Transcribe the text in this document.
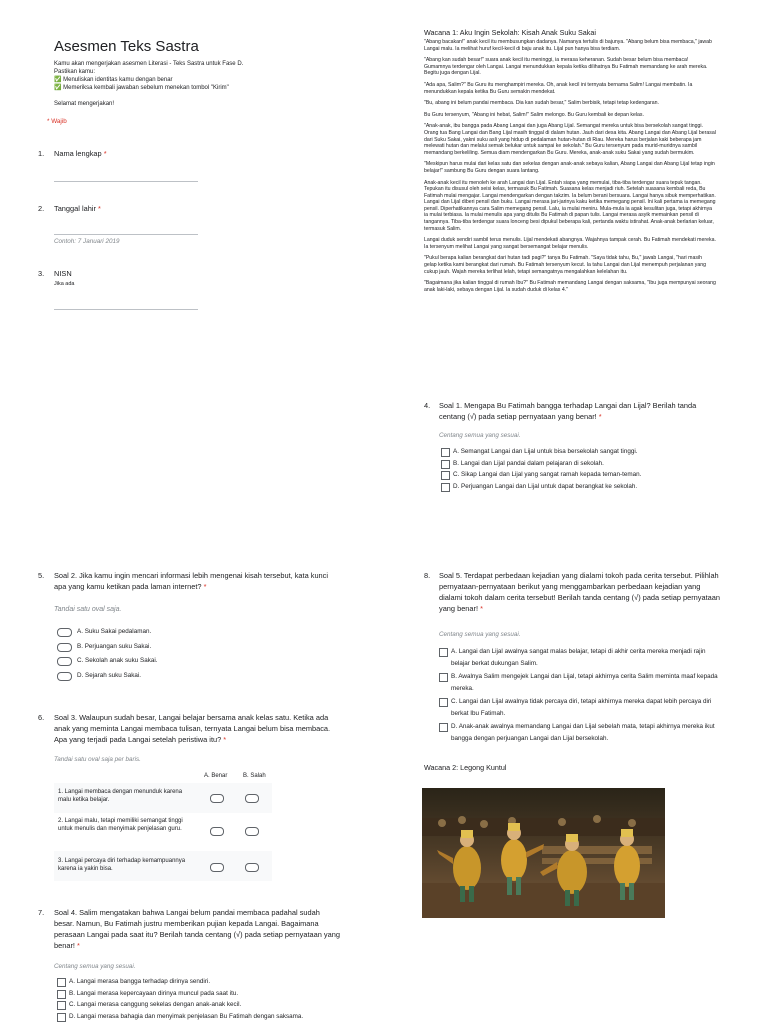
Asesmen Teks Sastra
Kamu akan mengerjakan asesmen Literasi - Teks Sastra untuk Fase D.
Pastikan kamu:
✅ Menuliskan identitas kamu dengan benar
✅ Memeriksa kembali jawaban sebelum menekan tombol "Kirim"
Selamat mengerjakan!
* Wajib
1. Nama lengkap *
2. Tanggal lahir *
Contoh: 7 Januari 2019
3. NISN
Jika ada
Wacana 1: Aku Ingin Sekolah: Kisah Anak Suku Sakai

"Abang bacakan!" anak kecil itu membusungkan dadanya. Namanya tertulis di bajunya. "Abang belum bisa membaca," jawab Langai malu. Ia melihat huruf kecil-kecil di baju anak itu. Lijal pun hanya bisa terdiam.

"Abang kan sudah besar!" suara anak kecil itu meninggi, ia merasa keheranan. Sudah besar belum bisa membaca! Gumamnya terdengar oleh Langai. Langai menundukkan kepala ketika dilihatnya Bu Fatimah memandang ke arah mereka. Begitu juga dengan Lijal.

"Ada apa, Salim?" Bu Guru itu menghampiri mereka. Oh, anak kecil ini ternyata bernama Salim! Langai membatin. Ia menundukkan kepala ketika Bu Guru semakin mendekat.

"Bu, abang ini belum pandai membaca. Dia kan sudah besar," Salim berbisik, tetapi tetap kedengaran.

Bu Guru tersenyum, "Abang ini hebat, Salim!" Salim melongo. Bu Guru kembali ke depan kelas.

"Anak-anak, ibu bangga pada Abang Langai dan juga Abang Lijal. Semangat mereka untuk bisa bersekolah sangat tinggi. Orang tua Bang Langai dan Bang Lijal masih tinggal di dalam hutan. Jauh dari desa kita. Abang Langai dan Abang Lijal berasal dari Suku Sakai, yakni suku asli yang hidup di pedalaman hutan-hutan di Riau. Mereka harus berjalan kaki beberapa jam melewati hutan dan melalui semak belukar untuk sampai ke sekolah." Bu Guru tersenyum pada murid-muridnya sambil memandang berkeliling. Semua diam mendengarkan Bu Guru. Mereka, anak-anak suku Sakai yang sudah bermukim.

"Meskipun harus mulai dari kelas satu dan sekelas dengan anak-anak sebaya kalian, Abang Langai dan Abang Lijal tetap ingin belajar!" sambung Bu Guru dengan suara lantang.

Anak-anak kecil itu menoleh ke arah Langai dan Lijal. Entah siapa yang memulai, tiba-tiba terdengar suara tepuk tangan. Tepukan itu disusul oleh seisi kelas, termasuk Bu Fatimah. Suasana kelas menjadi riuh. Setelah suasana kembali reda, Bu Fatimah mulai mengajar. Langai mendengarkan dengan takzim. Ia belum berani bersuara. Langai hanya sibuk memperhatikan. Langai dan Lijal diberi pensil dan buku. Langai merasa jari-jarinya kaku ketika memegang pensil. Ini kali pertama ia memegang pensil. Diperhatikannya cara Salim memegang pensil. Lalu, ia mulai meniru. Mula-mula ia agak kesulitan juga, tetapi akhirnya ia mulai terbiasa. Ia mulai menulis apa yang ditulis Bu Fatimah di papan tulis. Langai merasa asyik memainkan pensil di tangannya. Tiba-tiba terdengar suara lonceng besi dipukul beberapa kali, pertanda waktu istirahat. Anak-anak berlarian keluar, termasuk Salim.

Langai duduk sendiri sambil terus menulis. Lijal mendekati abangnya. Wajahnya tampak cerah. Bu Fatimah mendekati mereka. Ia tersenyum melihat Langai yang sangat bersemangat belajar menulis.

"Pukul berapa kalian berangkat dari hutan tadi pagi?" tanya Bu Fatimah. "Saya tidak tahu, Bu," jawab Langai, "hari masih gelap ketika kami berangkat dari rumah. Bu Fatimah tersenyum kecut. Ia tahu Langai dan Lijal menempuh perjalanan yang cukup jauh. Wajah mereka terlihat lelah, tetapi semangatnya mengalahkan kelelahan itu.

"Bagaimana jika kalian tinggal di rumah Ibu?" Bu Fatimah memandang Langai dengan saksama, "Ibu juga mempunyai seorang anak laki-laki, sebaya dengan Lijal. Ia sudah duduk di kelas 4."

4.	Soal 1. Mengapa Bu Fatimah bangga terhadap Langai dan Lijal? Berilah tanda centang (√) pada setiap pernyataan yang benar! *
Centang semua yang sesuai.
A. Semangat Langai dan Lijal untuk bisa bersekolah sangat tinggi.
B. Langai dan Lijal pandai dalam pelajaran di sekolah.
C. Sikap Langai dan Lijal yang sangat ramah kepada teman-teman.
D. Perjuangan Langai dan Lijal untuk dapat berangkat ke sekolah.
5.	Soal 2. Jika kamu ingin mencari informasi lebih mengenai kisah tersebut, kata kunci apa yang kamu ketikan pada laman internet? *
Tandai satu oval saja.
A. Suku Sakai pedalaman.
B. Perjuangan suku Sakai.
C. Sekolah anak suku Sakai.
D. Sejarah suku Sakai.
6.	Soal 3. Walaupun sudah besar, Langai belajar bersama anak kelas satu. Ketika ada anak yang meminta Langai membaca tulisan, ternyata Langai belum bisa membaca. Apa yang terjadi pada Langai setelah peristiwa itu? *
Tandai satu oval saja per baris.
A. Benar	B. Salah
1. Langai membaca dengan menunduk karena malu ketika belajar.
2. Langai malu, tetapi memiliki semangat tinggi untuk menulis dan menyimak penjelasan guru.
3. Langai percaya diri terhadap kemampuannya karena ia yakin bisa.
7.	Soal 4. Salim mengatakan bahwa Langai belum pandai membaca padahal sudah besar. Namun, Bu Fatimah justru memberikan pujian kepada Langai. Bagaimana perasaan Langai pada saat itu? Berilah tanda centang (√) pada setiap pernyataan yang benar! *
Centang semua yang sesuai.
A. Langai merasa bangga terhadap dirinya sendiri.
B. Langai merasa kepercayaan dirinya muncul pada saat itu.
C. Langai merasa canggung sekelas dengan anak-anak kecil.
D. Langai merasa bahagia dan menyimak penjelasan Bu Fatimah dengan saksama.
8.	Soal 5. Terdapat perbedaan kejadian yang dialami tokoh pada cerita tersebut. Pilihlah pernyataan-pernyataan berikut yang menggambarkan perbedaan kejadian yang dialami tokoh dalam cerita tersebut! Berilah tanda centang (√) pada setiap pernyataan yang benar! *
Centang semua yang sesuai.
A. Langai dan Lijal awalnya sangat malas belajar, tetapi di akhir cerita mereka menjadi rajin belajar berkat dukungan Salim.
B. Awalnya Salim mengejek Langai dan Lijal, tetapi akhirnya cerita Salim meminta maaf kepada mereka.
C. Langai dan Lijal awalnya tidak percaya diri, tetapi akhirnya mereka dapat lebih percaya diri berkat Ibu Fatimah.
D. Anak-anak awalnya memandang Langai dan Lijal sebelah mata, tetapi akhirnya mereka ikut bangga dengan perjuangan Langai dan Lijal bersekolah.
Wacana 2: Legong Kuntul
